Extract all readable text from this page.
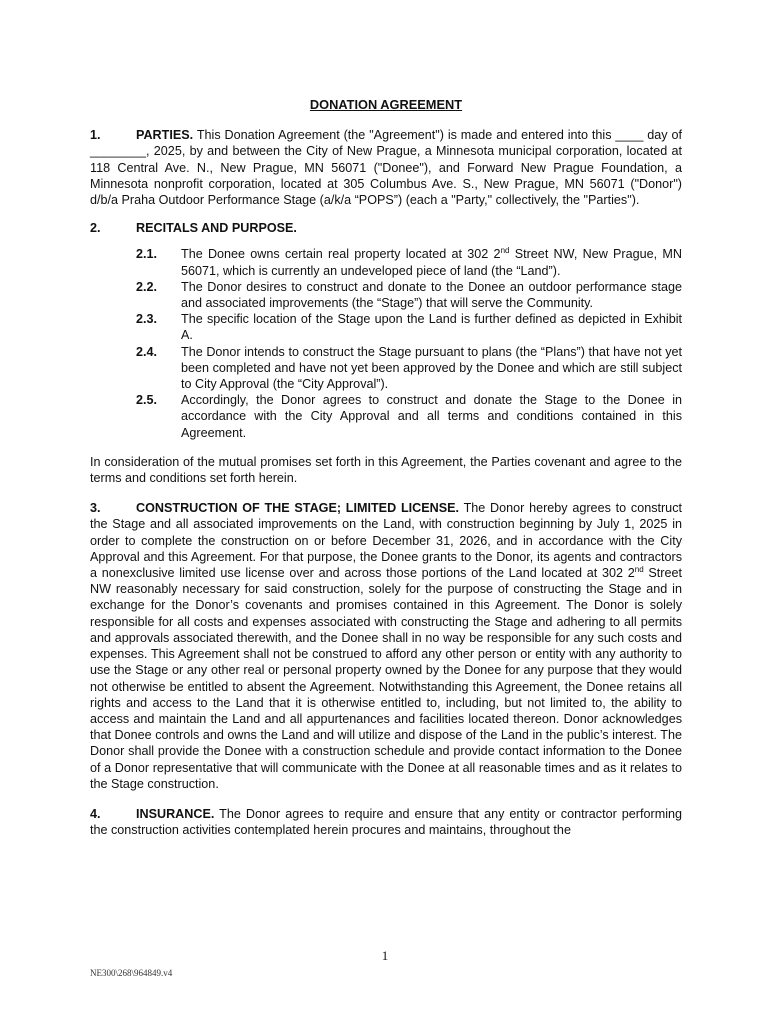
DONATION AGREEMENT

1.	PARTIES. This Donation Agreement (the "Agreement") is made and entered into this ____ day of ________, 2025, by and between the City of New Prague, a Minnesota municipal corporation, located at 118 Central Ave. N., New Prague, MN 56071 ("Donee"), and Forward New Prague Foundation, a Minnesota nonprofit corporation, located at 305 Columbus Ave. S., New Prague, MN 56071 ("Donor") d/b/a Praha Outdoor Performance Stage (a/k/a “POPS”) (each a "Party," collectively, the "Parties").

2.	RECITALS AND PURPOSE.

2.1. The Donee owns certain real property located at 302 2nd Street NW, New Prague, MN 56071, which is currently an undeveloped piece of land (the “Land”).
2.2. The Donor desires to construct and donate to the Donee an outdoor performance stage and associated improvements (the “Stage”) that will serve the Community.
2.3. The specific location of the Stage upon the Land is further defined as depicted in Exhibit A.
2.4. The Donor intends to construct the Stage pursuant to plans (the “Plans”) that have not yet been completed and have not yet been approved by the Donee and which are still subject to City Approval (the “City Approval”).
2.5. Accordingly, the Donor agrees to construct and donate the Stage to the Donee in accordance with the City Approval and all terms and conditions contained in this Agreement.

In consideration of the mutual promises set forth in this Agreement, the Parties covenant and agree to the terms and conditions set forth herein.

3.	CONSTRUCTION OF THE STAGE; LIMITED LICENSE. The Donor hereby agrees to construct the Stage and all associated improvements on the Land, with construction beginning by July 1, 2025 in order to complete the construction on or before December 31, 2026, and in accordance with the City Approval and this Agreement. For that purpose, the Donee grants to the Donor, its agents and contractors a nonexclusive limited use license over and across those portions of the Land located at 302 2nd Street NW reasonably necessary for said construction, solely for the purpose of constructing the Stage and in exchange for the Donor’s covenants and promises contained in this Agreement. The Donor is solely responsible for all costs and expenses associated with constructing the Stage and adhering to all permits and approvals associated therewith, and the Donee shall in no way be responsible for any such costs and expenses. This Agreement shall not be construed to afford any other person or entity with any authority to use the Stage or any other real or personal property owned by the Donee for any purpose that they would not otherwise be entitled to absent the Agreement. Notwithstanding this Agreement, the Donee retains all rights and access to the Land that it is otherwise entitled to, including, but not limited to, the ability to access and maintain the Land and all appurtenances and facilities located thereon. Donor acknowledges that Donee controls and owns the Land and will utilize and dispose of the Land in the public’s interest. The Donor shall provide the Donee with a construction schedule and provide contact information to the Donee of a Donor representative that will communicate with the Donee at all reasonable times and as it relates to the Stage construction.

4.	INSURANCE. The Donor agrees to require and ensure that any entity or contractor performing the construction activities contemplated herein procures and maintains, throughout the

1
NE300\268\964849.v4
